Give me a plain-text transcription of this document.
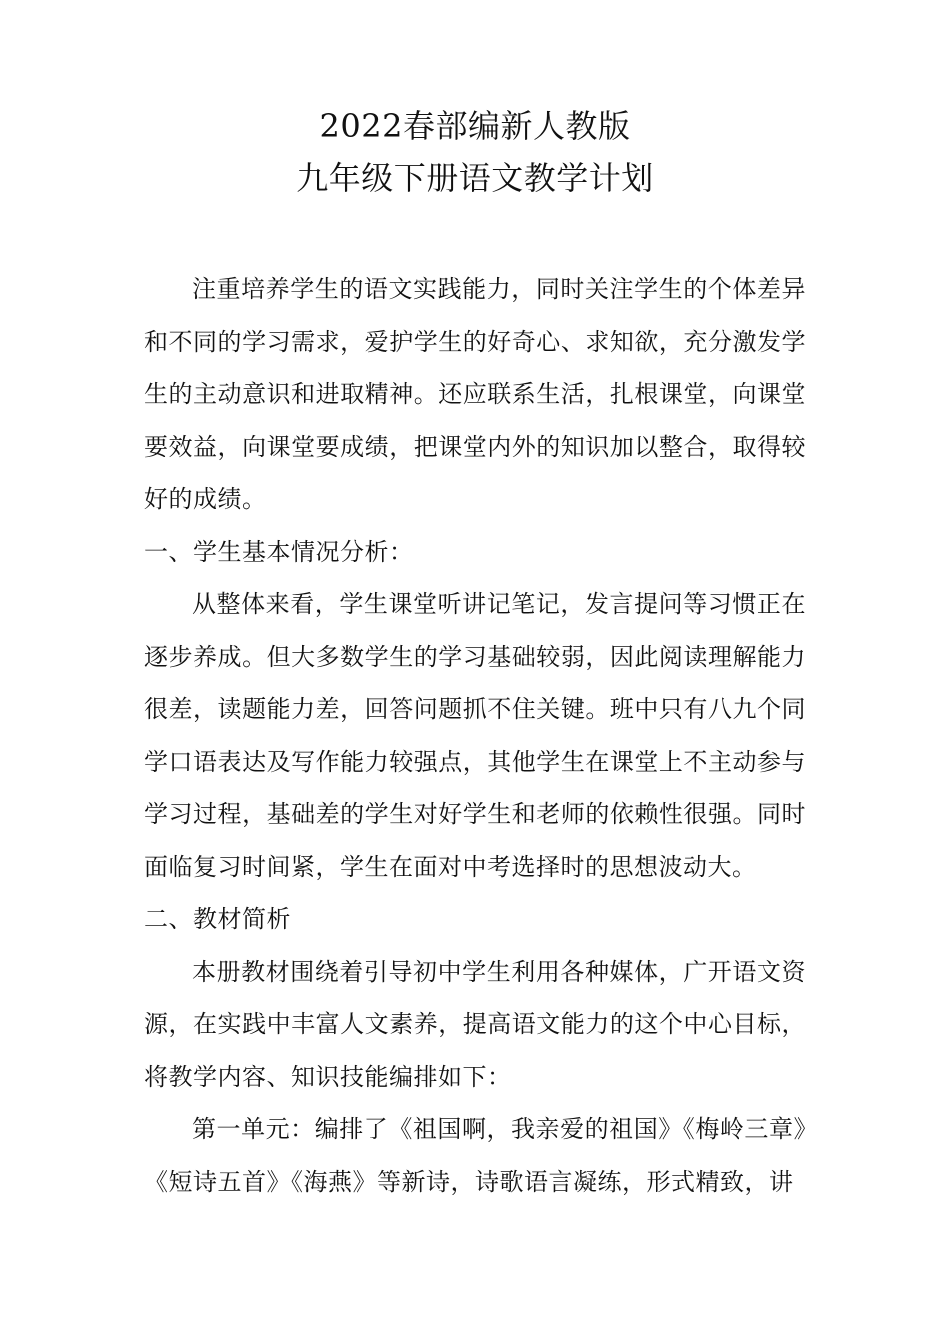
2022春部编新人教版
九年级下册语文教学计划

注重培养学生的语文实践能力，同时关注学生的个体差异和不同的学习需求，爱护学生的好奇心、求知欲，充分激发学生的主动意识和进取精神。还应联系生活，扎根课堂，向课堂要效益，向课堂要成绩，把课堂内外的知识加以整合，取得较好的成绩。

一、学生基本情况分析：

从整体来看，学生课堂听讲记笔记，发言提问等习惯正在逐步养成。但大多数学生的学习基础较弱，因此阅读理解能力很差，读题能力差，回答问题抓不住关键。班中只有八九个同学口语表达及写作能力较强点，其他学生在课堂上不主动参与学习过程，基础差的学生对好学生和老师的依赖性很强。同时面临复习时间紧，学生在面对中考选择时的思想波动大。

二、教材简析

本册教材围绕着引导初中学生利用各种媒体，广开语文资源，在实践中丰富人文素养，提高语文能力的这个中心目标，将教学内容、知识技能编排如下：

第一单元：编排了《祖国啊，我亲爱的祖国》《梅岭三章》《短诗五首》《海燕》等新诗，诗歌语言凝练，形式精致，讲
